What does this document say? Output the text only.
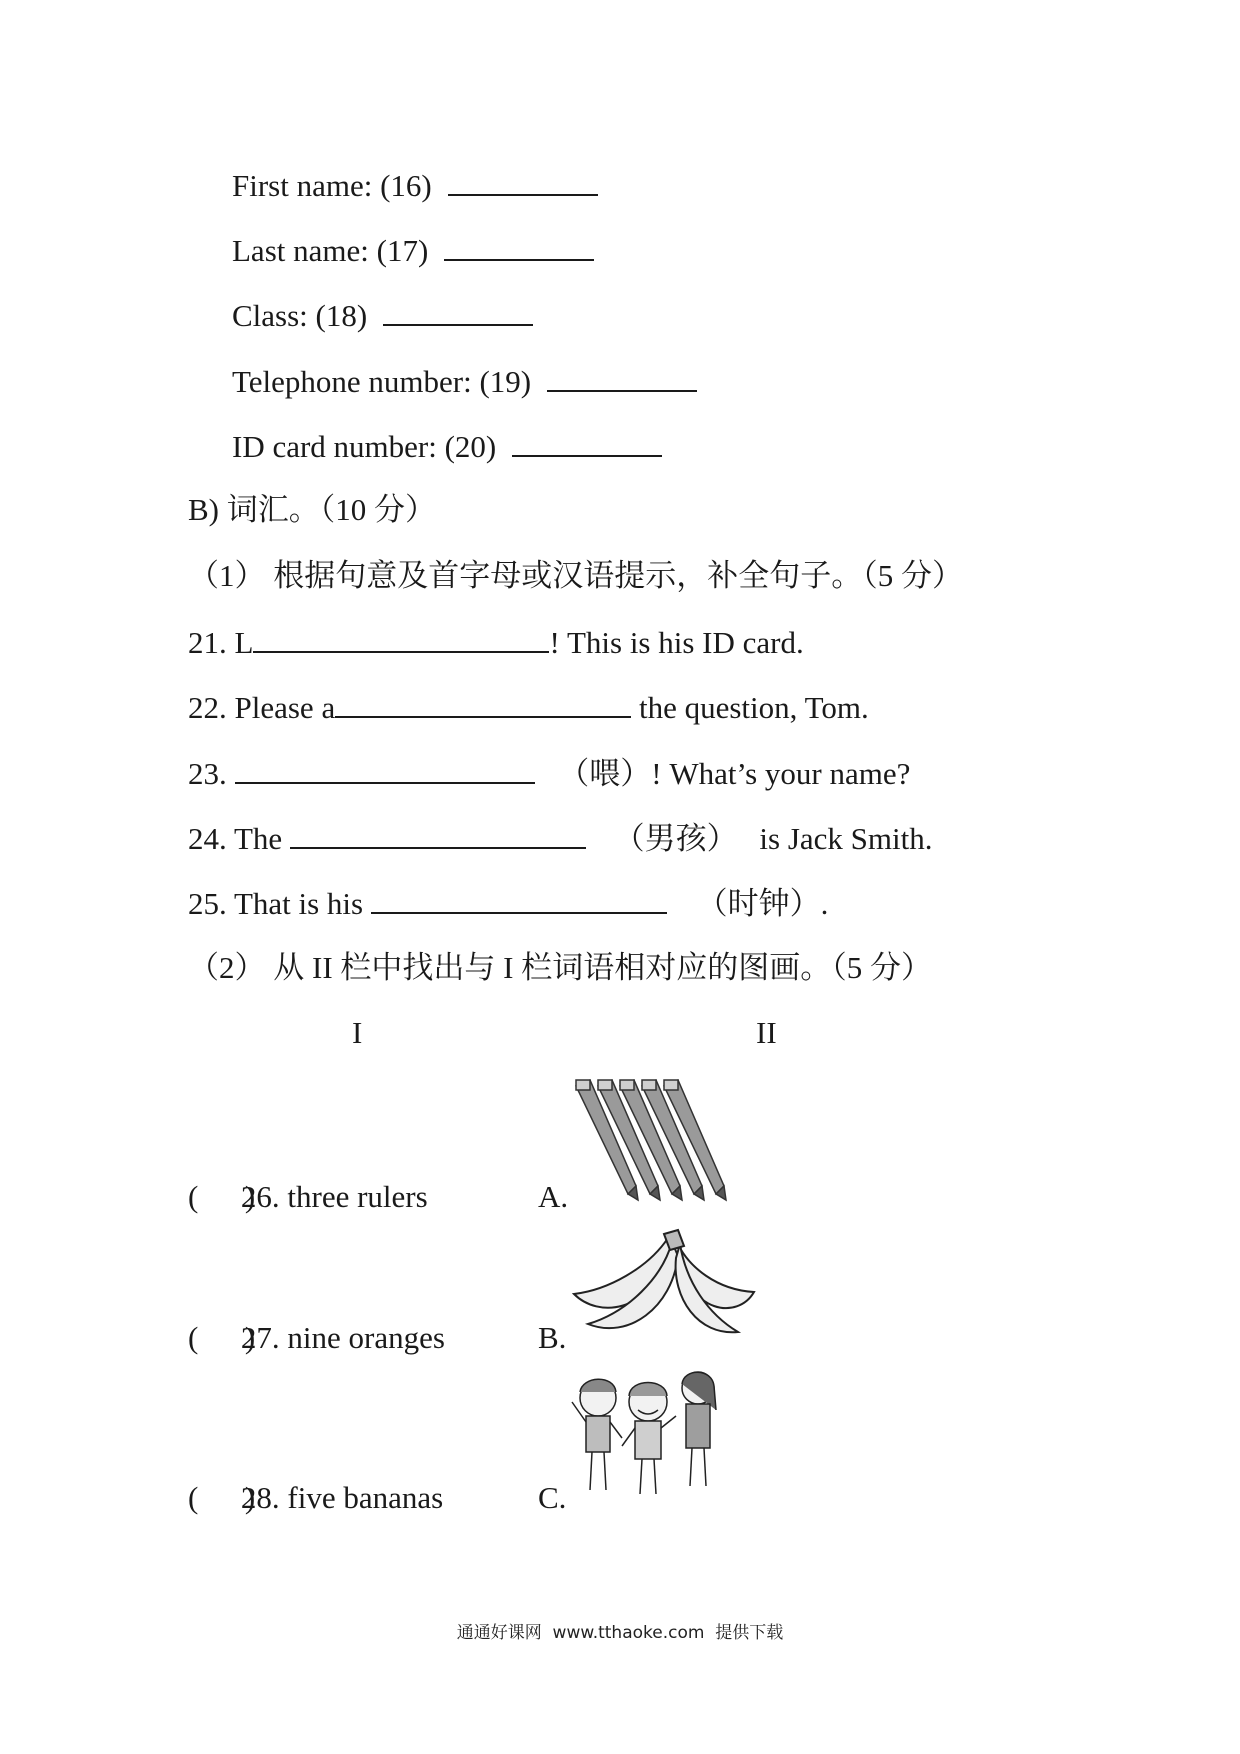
First name: (16)
Last name: (17)
Class: (18)
Telephone number: (19)
ID card number: (20)
B) 词汇。（10 分）
（1） 根据句意及首字母或汉语提示，补全句子。（5 分）
21. L	! This is his ID card.
22. Please a	the question, Tom.
23.	（喂）! What’s your name?
24. The	（男孩） is Jack Smith.
25. That is his	（时钟）.
（2） 从 II 栏中找出与 I 栏词语相对应的图画。（5 分）
I	II
(      ) 26. three rulers	A.
(      ) 27. nine oranges	B.
(      ) 28. five bananas	C.
通通好课网  www.tthaoke.com  提供下载
